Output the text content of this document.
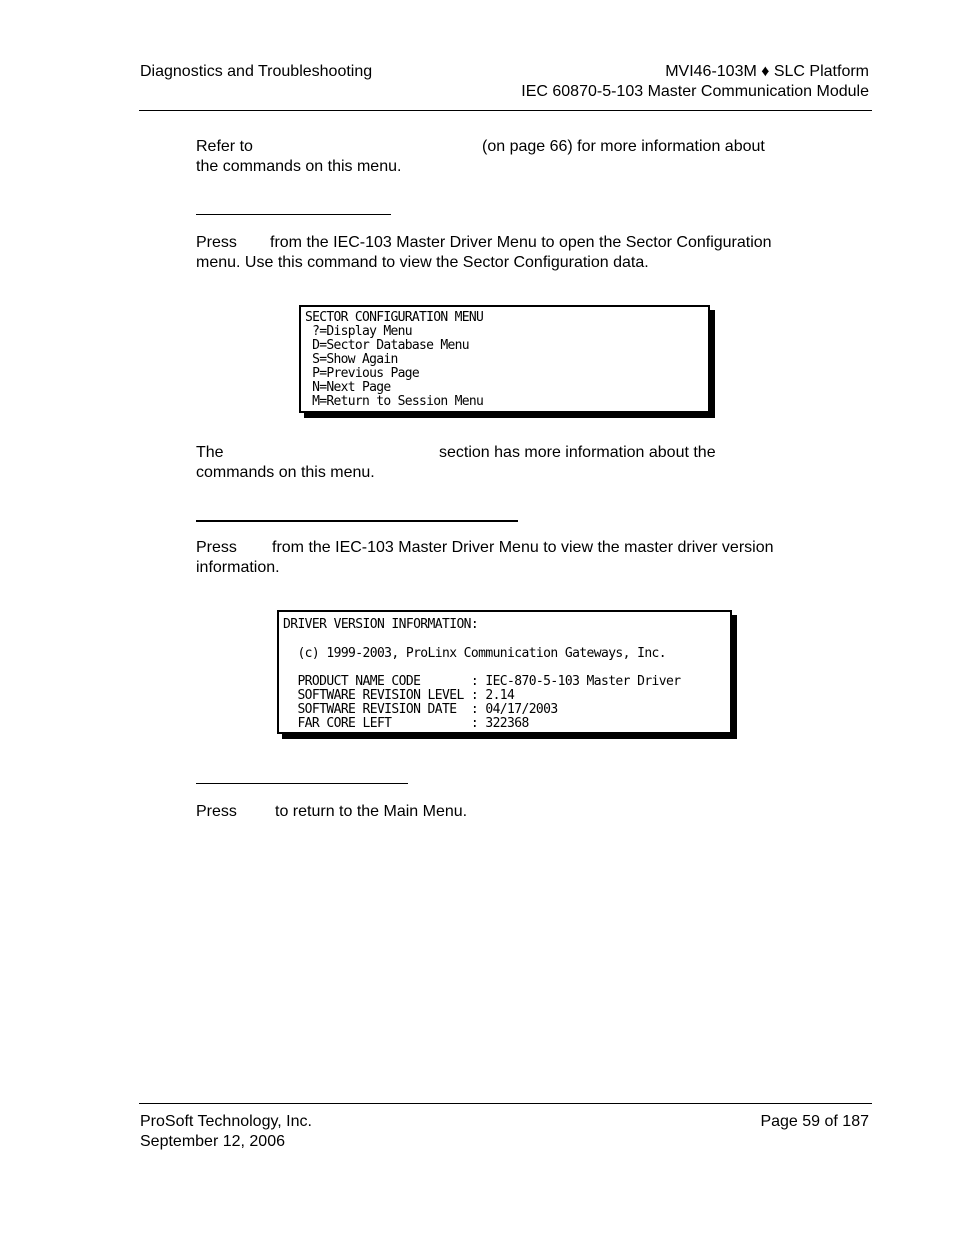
Diagnostics and Troubleshooting	MVI46-103M ♦ SLC Platform
IEC 60870-5-103 Master Communication Module
Refer to	(on page 66) for more information about
the commands on this menu.
Press from the IEC-103 Master Driver Menu to open the Sector Configuration
menu. Use this command to view the Sector Configuration data.
SECTOR CONFIGURATION MENU
?=Display Menu
D=Sector Database Menu
S=Show Again
P=Previous Page
N=Next Page
M=Return to Session Menu
The	section has more information about the
commands on this menu.
Press from the IEC-103 Master Driver Menu to view the master driver version
information.
DRIVER VERSION INFORMATION:
(c) 1999-2003, ProLinx Communication Gateways, Inc.
PRODUCT NAME CODE       : IEC-870-5-103 Master Driver
SOFTWARE REVISION LEVEL : 2.14
SOFTWARE REVISION DATE  : 04/17/2003
FAR CORE LEFT           : 322368
Press to return to the Main Menu.
ProSoft Technology, Inc.
September 12, 2006
Page 59 of 187
